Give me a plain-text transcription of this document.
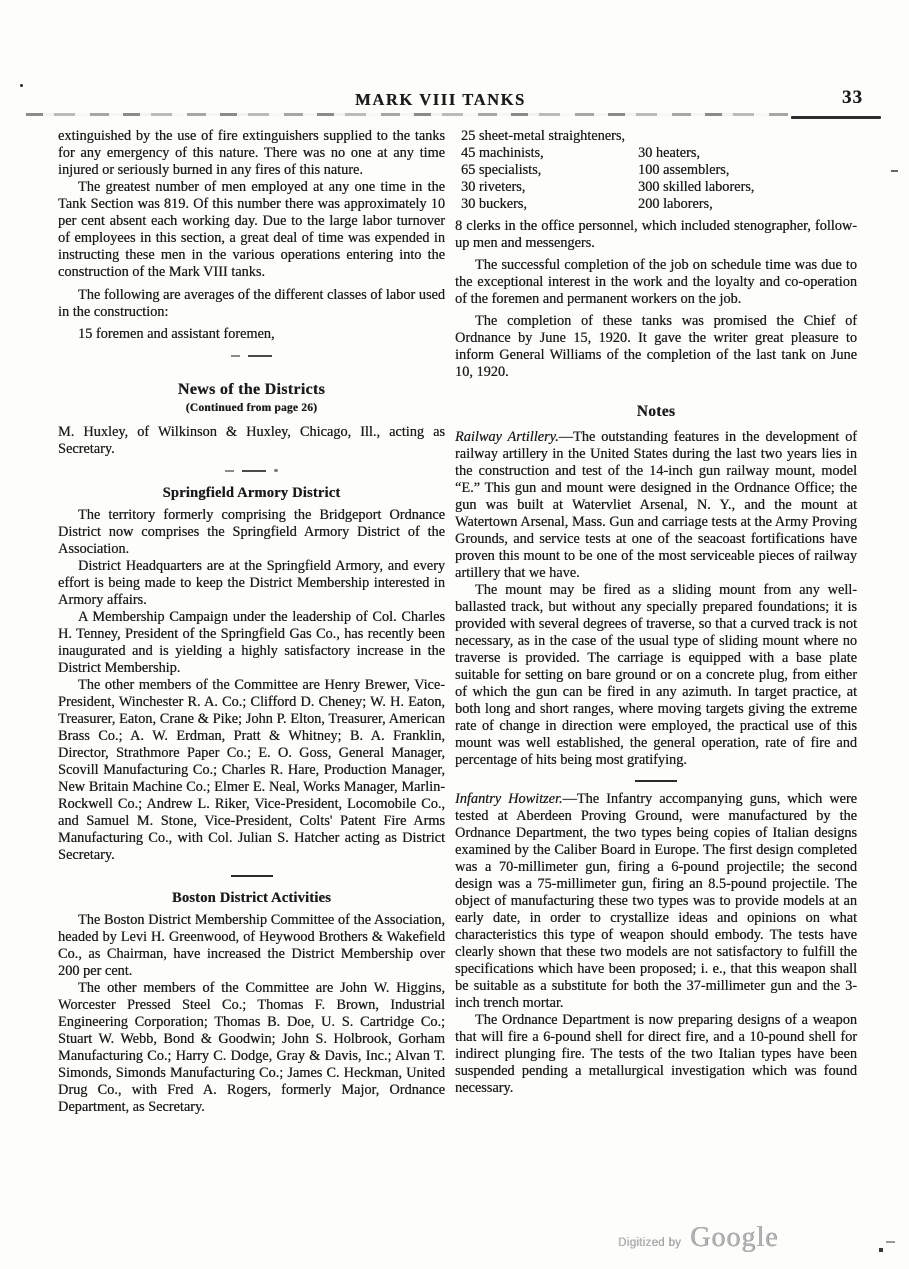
MARK VIII TANKS	33

extinguished by the use of fire extinguishers supplied to the tanks for any emergency of this nature. There was no one at any time injured or seriously burned in any fires of this nature.

The greatest number of men employed at any one time in the Tank Section was 819. Of this number there was approximately 10 per cent absent each working day. Due to the large labor turnover of employees in this section, a great deal of time was expended in instructing these men in the various operations entering into the construction of the Mark VIII tanks.

The following are averages of the different classes of labor used in the construction:

15 foremen and assistant foremen,

News of the Districts
(Continued from page 26)

M. Huxley, of Wilkinson & Huxley, Chicago, Ill., acting as Secretary.

Springfield Armory District

The territory formerly comprising the Bridgeport Ordnance District now comprises the Springfield Armory District of the Association.

District Headquarters are at the Springfield Armory, and every effort is being made to keep the District Membership interested in Armory affairs.

A Membership Campaign under the leadership of Col. Charles H. Tenney, President of the Springfield Gas Co., has recently been inaugurated and is yielding a highly satisfactory increase in the District Membership.

The other members of the Committee are Henry Brewer, Vice-President, Winchester R. A. Co.; Clifford D. Cheney; W. H. Eaton, Treasurer, Eaton, Crane & Pike; John P. Elton, Treasurer, American Brass Co.; A. W. Erdman, Pratt & Whitney; B. A. Franklin, Director, Strathmore Paper Co.; E. O. Goss, General Manager, Scovill Manufacturing Co.; Charles R. Hare, Production Manager, New Britain Machine Co.; Elmer E. Neal, Works Manager, Marlin-Rockwell Co.; Andrew L. Riker, Vice-President, Locomobile Co., and Samuel M. Stone, Vice-President, Colts' Patent Fire Arms Manufacturing Co., with Col. Julian S. Hatcher acting as District Secretary.

Boston District Activities

The Boston District Membership Committee of the Association, headed by Levi H. Greenwood, of Heywood Brothers & Wakefield Co., as Chairman, have increased the District Membership over 200 per cent.

The other members of the Committee are John W. Higgins, Worcester Pressed Steel Co.; Thomas F. Brown, Industrial Engineering Corporation; Thomas B. Doe, U. S. Cartridge Co.; Stuart W. Webb, Bond & Goodwin; John S. Holbrook, Gorham Manufacturing Co.; Harry C. Dodge, Gray & Davis, Inc.; Alvan T. Simonds, Simonds Manufacturing Co.; James C. Heckman, United Drug Co., with Fred A. Rogers, formerly Major, Ordnance Department, as Secretary.

25 sheet-metal straighteners,
45 machinists,	30 heaters,
65 specialists,	100 assemblers,
30 riveters,	300 skilled laborers,
30 buckers,	200 laborers,

8 clerks in the office personnel, which included stenographer, follow-up men and messengers.

The successful completion of the job on schedule time was due to the exceptional interest in the work and the loyalty and co-operation of the foremen and permanent workers on the job.

The completion of these tanks was promised the Chief of Ordnance by June 15, 1920. It gave the writer great pleasure to inform General Williams of the completion of the last tank on June 10, 1920.

Notes

Railway Artillery.—The outstanding features in the development of railway artillery in the United States during the last two years lies in the construction and test of the 14-inch gun railway mount, model “E.” This gun and mount were designed in the Ordnance Office; the gun was built at Watervliet Arsenal, N. Y., and the mount at Watertown Arsenal, Mass. Gun and carriage tests at the Army Proving Grounds, and service tests at one of the seacoast fortifications have proven this mount to be one of the most serviceable pieces of railway artillery that we have.

The mount may be fired as a sliding mount from any well-ballasted track, but without any specially prepared foundations; it is provided with several degrees of traverse, so that a curved track is not necessary, as in the case of the usual type of sliding mount where no traverse is provided. The carriage is equipped with a base plate suitable for setting on bare ground or on a concrete plug, from either of which the gun can be fired in any azimuth. In target practice, at both long and short ranges, where moving targets giving the extreme rate of change in direction were employed, the practical use of this mount was well established, the general operation, rate of fire and percentage of hits being most gratifying.

Infantry Howitzer.—The Infantry accompanying guns, which were tested at Aberdeen Proving Ground, were manufactured by the Ordnance Department, the two types being copies of Italian designs examined by the Caliber Board in Europe. The first design completed was a 70-millimeter gun, firing a 6-pound projectile; the second design was a 75-millimeter gun, firing an 8.5-pound projectile. The object of manufacturing these two types was to provide models at an early date, in order to crystallize ideas and opinions on what characteristics this type of weapon should embody. The tests have clearly shown that these two models are not satisfactory to fulfill the specifications which have been proposed; i. e., that this weapon shall be suitable as a substitute for both the 37-millimeter gun and the 3-inch trench mortar.

The Ordnance Department is now preparing designs of a weapon that will fire a 6-pound shell for direct fire, and a 10-pound shell for indirect plunging fire. The tests of the two Italian types have been suspended pending a metallurgical investigation which was found necessary.

Digitized by Google
